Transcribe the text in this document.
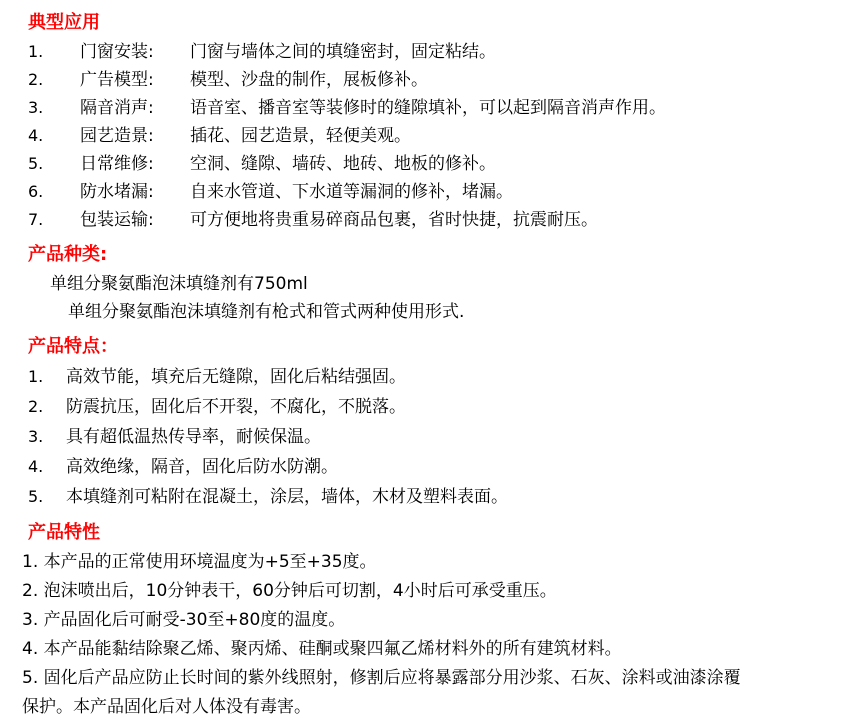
典型应用
1.	门窗安装:	门窗与墙体之间的填缝密封，固定粘结。
2.	广告模型:	模型、沙盘的制作，展板修补。
3.	隔音消声:	语音室、播音室等装修时的缝隙填补，可以起到隔音消声作用。
4.	园艺造景:	插花、园艺造景，轻便美观。
5.	日常维修:	空洞、缝隙、墙砖、地砖、地板的修补。
6.	防水堵漏:	自来水管道、下水道等漏洞的修补，堵漏。
7.	包装运输:	可方便地将贵重易碎商品包裹，省时快捷，抗震耐压。
产品种类:
单组分聚氨酯泡沫填缝剂有750ml
单组分聚氨酯泡沫填缝剂有枪式和管式两种使用形式.
产品特点：
1.	高效节能，填充后无缝隙，固化后粘结强固。
2.	防震抗压，固化后不开裂，不腐化，不脱落。
3.	具有超低温热传导率，耐候保温。
4.	高效绝缘，隔音，固化后防水防潮。
5.	本填缝剂可粘附在混凝土，涂层，墙体，木材及塑料表面。
产品特性
1. 本产品的正常使用环境温度为+5至+35度。
2. 泡沫喷出后，10分钟表干，60分钟后可切割，4小时后可承受重压。
3. 产品固化后可耐受-30至+80度的温度。
4. 本产品能黏结除聚乙烯、聚丙烯、硅酮或聚四氟乙烯材料外的所有建筑材料。
5. 固化后产品应防止长时间的紫外线照射，修割后应将暴露部分用沙浆、石灰、涂料或油漆涂覆
保护。本产品固化后对人体没有毒害。
